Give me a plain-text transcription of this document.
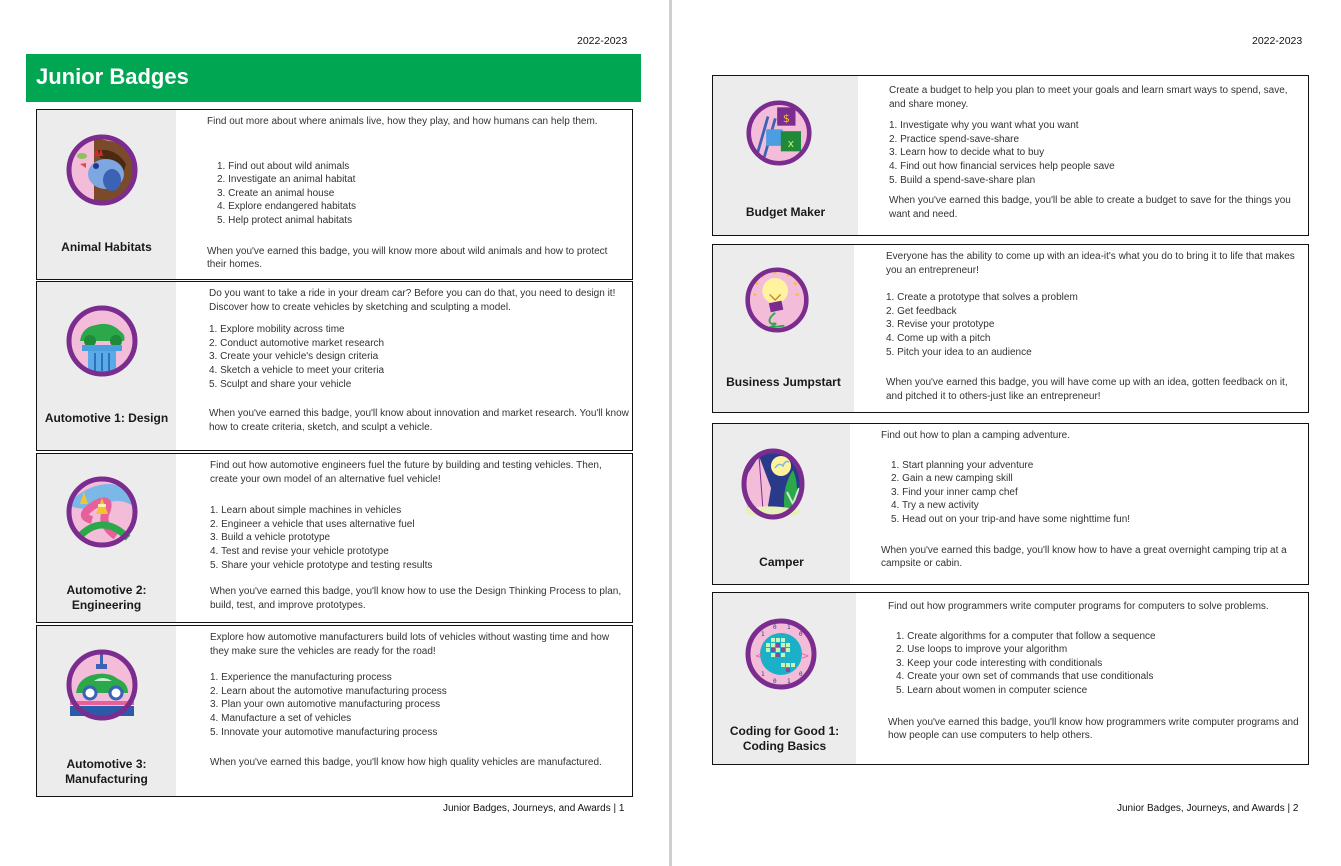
2022-2023
Junior Badges
Animal Habitats

Find out more about where animals live, how they play, and how humans can help them.

1. Find out about wild animals
2. Investigate an animal habitat
3. Create an animal house
4. Explore endangered habitats
5. Help protect animal habitats

When you've earned this badge, you will know more about wild animals and how to protect their homes.

Automotive 1: Design

Do you want to take a ride in your dream car? Before you can do that, you need to design it! Discover how to create vehicles by sketching and sculpting a model.

1. Explore mobility across time
2. Conduct automotive market research
3. Create your vehicle's design criteria
4. Sketch a vehicle to meet your criteria
5. Sculpt and share your vehicle

When you've earned this badge, you'll know about innovation and market research. You'll know how to create criteria, sketch, and sculpt a vehicle.

Automotive 2: Engineering

Find out how automotive engineers fuel the future by building and testing vehicles. Then, create your own model of an alternative fuel vehicle!

1. Learn about simple machines in vehicles
2. Engineer a vehicle that uses alternative fuel
3. Build a vehicle prototype
4. Test and revise your vehicle prototype
5. Share your vehicle prototype and testing results

When you've earned this badge, you'll know how to use the Design Thinking Process to plan, build, test, and improve prototypes.

Automotive 3: Manufacturing

Explore how automotive manufacturers build lots of vehicles without wasting time and how they make sure the vehicles are ready for the road!

1. Experience the manufacturing process
2. Learn about the automotive manufacturing process
3. Plan your own automotive manufacturing process
4. Manufacture a set of vehicles
5. Innovate your automotive manufacturing process

When you've earned this badge, you'll know how high quality vehicles are manufactured.

Junior Badges, Journeys, and Awards | 1
2022-2023
$
x
Budget Maker

Create a budget to help you plan to meet your goals and learn smart ways to spend, save, and share money.

1. Investigate why you want what you want
2. Practice spend-save-share
3. Learn how to decide what to buy
4. Find out how financial services help people save
5. Build a spend-save-share plan

When you've earned this badge, you'll be able to create a budget to save for the things you want and need.

Business Jumpstart

Everyone has the ability to come up with an idea-it's what you do to bring it to life that makes you an entrepreneur!

1. Create a prototype that solves a problem
2. Get feedback
3. Revise your prototype
4. Come up with a pitch
5. Pitch your idea to an audience

When you've earned this badge, you will have come up with an idea, gotten feedback on it, and pitched it to others-just like an entrepreneur!

Camper

Find out how to plan a camping adventure.

1. Start planning your adventure
2. Gain a new camping skill
3. Find your inner camp chef
4. Try a new activity
5. Head out on your trip-and have some nighttime fun!

When you've earned this badge, you'll know how to have a great overnight camping trip at a campsite or cabin.

<	>
1
0 1
0
1
0 1
0
Coding for Good 1: Coding Basics

Find out how programmers write computer programs for computers to solve problems.

1. Create algorithms for a computer that follow a sequence
2. Use loops to improve your algorithm
3. Keep your code interesting with conditionals
4. Create your own set of commands that use conditionals
5. Learn about women in computer science

When you've earned this badge, you'll know how programmers write computer programs and how people can use computers to help others.

Junior Badges, Journeys, and Awards | 2
